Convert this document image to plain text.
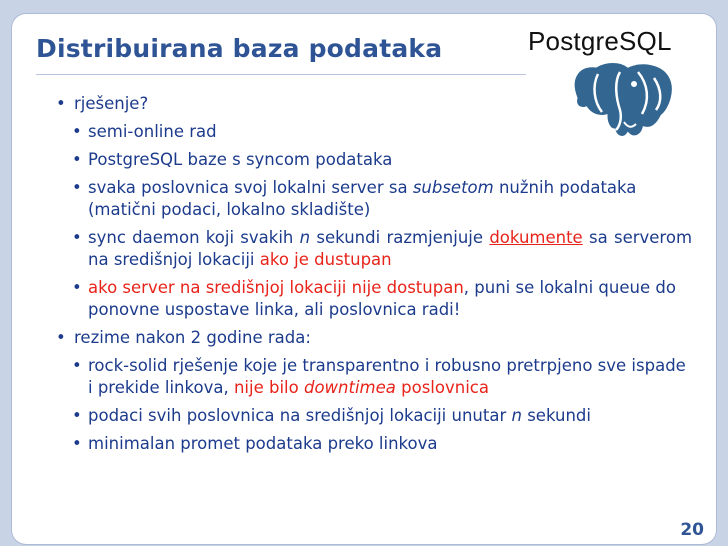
Distribuirana baza podataka	PostgreSQL
• rješenje?
• semi-online rad
• PostgreSQL baze s syncom podataka
• svaka poslovnica svoj lokalni server sa subsetom nužnih podataka (matični podaci, lokalno skladište)
• sync daemon koji svakih n sekundi razmjenjuje dokumente sa serverom na središnjoj lokaciji ako je dustupan
• ako server na središnjoj lokaciji nije dostupan, puni se lokalni queue do ponovne uspostave linka, ali poslovnica radi!
• rezime nakon 2 godine rada:
• rock-solid rješenje koje je transparentno i robusno pretrpjeno sve ispade i prekide linkova, nije bilo downtimea poslovnica
• podaci svih poslovnica na središnjoj lokaciji unutar n sekundi
• minimalan promet podataka preko linkova
20
